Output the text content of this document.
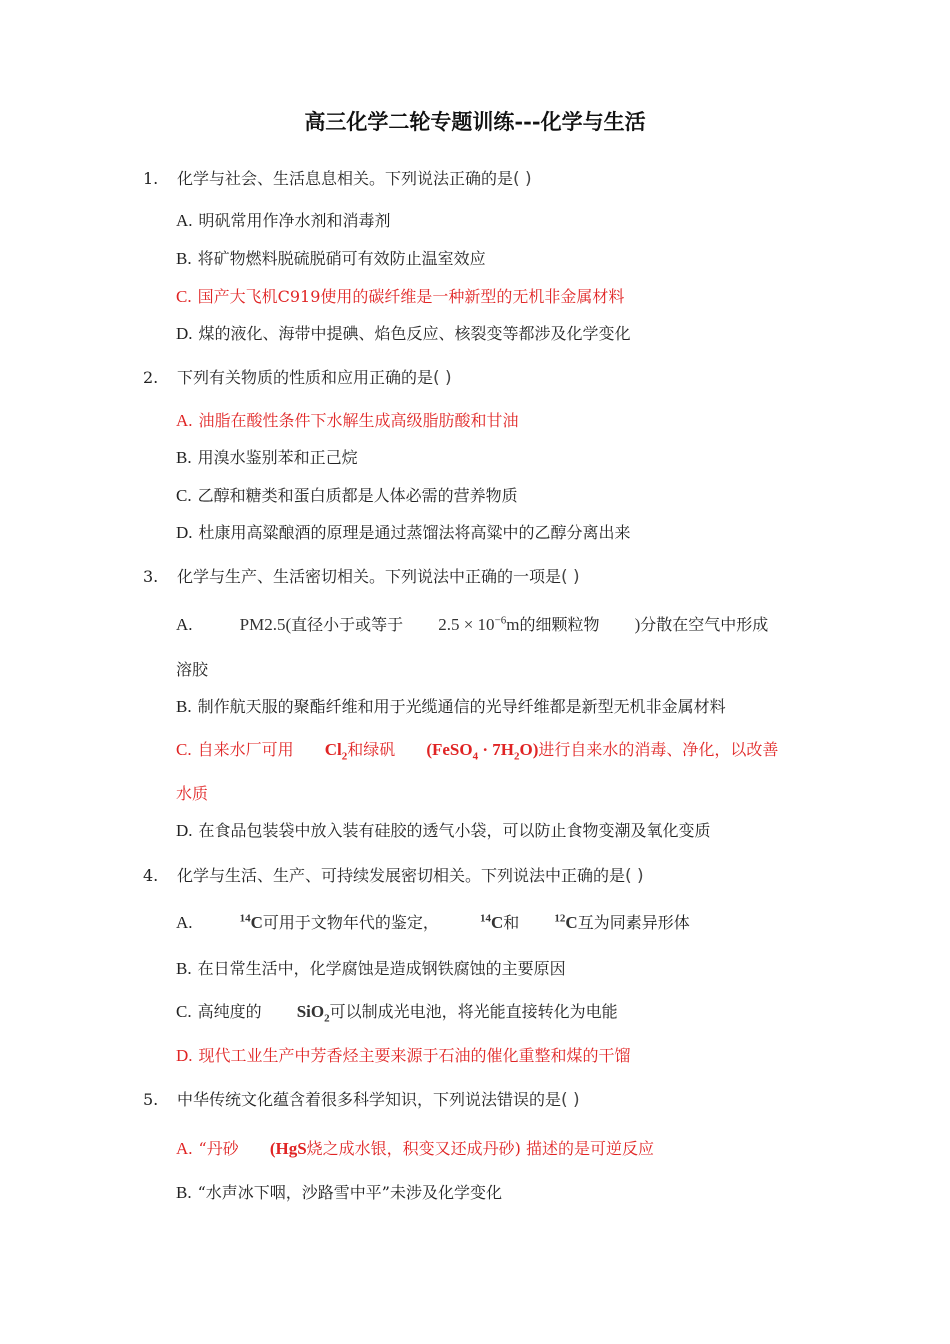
高三化学二轮专题训练---化学与生活
1. 化学与社会、生活息息相关。下列说法正确的是( )
A. 明矾常用作净水剂和消毒剂
B. 将矿物燃料脱硫脱硝可有效防止温室效应
C. 国产大飞机C919使用的碳纤维是一种新型的无机非金属材料
D. 煤的液化、海带中提碘、焰色反应、核裂变等都涉及化学变化
2. 下列有关物质的性质和应用正确的是( )
A. 油脂在酸性条件下水解生成高级脂肪酸和甘油
B. 用溴水鉴别苯和正己烷
C. 乙醇和糖类和蛋白质都是人体必需的营养物质
D. 杜康用高粱酿酒的原理是通过蒸馏法将高粱中的乙醇分离出来
3. 化学与生产、生活密切相关。下列说法中正确的一项是( )
A.	PM2.5(直径小于或等于 $2.5 \times 10^{-6}m$的细颗粒物 )分散在空气中形成
溶胶
B. 制作航天服的聚酯纤维和用于光缆通信的光导纤维都是新型无机非金属材料
C. 自来水厂可用 $Cl_2$和绿矾 (FeSO$_4$ · $7H_2O$)进行自来水的消毒、净化，以改善
水质
D. 在食品包装袋中放入装有硅胶的透气小袋，可以防止食物变潮及氧化变质
4. 化学与生活、生产、可持续发展密切相关。下列说法中正确的是( )
A.	$^{14}$C可用于文物年代的鉴定，	$^{14}$C和	$^{12}$C互为同素异形体
B. 在日常生活中，化学腐蚀是造成钢铁腐蚀的主要原因
C. 高纯度的 SiO$_2$可以制成光电池，将光能直接转化为电能
D. 现代工业生产中芳香烃主要来源于石油的催化重整和煤的干馏
5. 中华传统文化蕴含着很多科学知识，下列说法错误的是( )
A. “丹砂 (HgS烧之成水银，积变又还成丹砂) 描述的是可逆反应
B. “水声冰下咽，沙路雪中平”未涉及化学变化
